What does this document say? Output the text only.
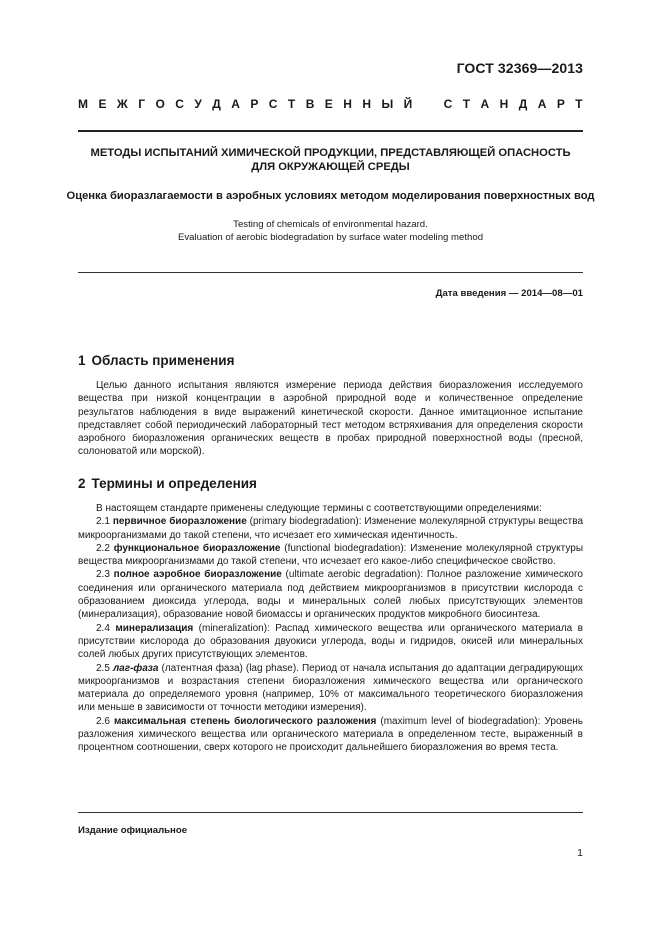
ГОСТ 32369—2013
М Е Ж Г О С У Д А Р С Т В Е Н Н Ы Й	С Т А Н Д А Р Т
МЕТОДЫ ИСПЫТАНИЙ ХИМИЧЕСКОЙ ПРОДУКЦИИ, ПРЕДСТАВЛЯЮЩЕЙ ОПАСНОСТЬ
ДЛЯ ОКРУЖАЮЩЕЙ СРЕДЫ
Оценка биоразлагаемости в аэробных условиях методом моделирования поверхностных вод
Testing of chemicals of environmental hazard.
Evaluation of aerobic biodegradation by surface water modeling method
Дата введения — 2014—08—01
1 Область применения

Целью данного испытания являются измерение периода действия биоразложения исследуемого вещества при низкой концентрации в аэробной природной воде и количественное определение результатов наблюдения в виде выражений кинетической скорости. Данное имитационное испытание представляет собой периодический лабораторный тест методом встряхивания для определения скорости аэробного биоразложения органических веществ в пробах природной поверхностной воды (пресной, солоноватой или морской).

2 Термины и определения

В настоящем стандарте применены следующие термины с соответствующими определениями:

2.1 первичное биоразложение (primary biodegradation): Изменение молекулярной структуры вещества микроорганизмами до такой степени, что исчезает его химическая идентичность.

2.2 функциональное биоразложение (functional biodegradation): Изменение молекулярной структуры вещества микроорганизмами до такой степени, что исчезает его какое-либо специфическое свойство.

2.3 полное аэробное биоразложение (ultimate aerobic degradation): Полное разложение химического соединения или органического материала под действием микроорганизмов в присутствии кислорода с образованием диоксида углерода, воды и минеральных солей любых присутствующих элементов (минерализация), образование новой биомассы и органических продуктов микробного биосинтеза.

2.4 минерализация (mineralization): Распад химического вещества или органического материала в присутствии кислорода до образования двуокиси углерода, воды и гидридов, окисей или минеральных солей любых других присутствующих элементов.

2.5 лаг-фаза (латентная фаза) (lag phase). Период от начала испытания до адаптации деградирующих микроорганизмов и возрастания степени биоразложения химического вещества или органического материала до определяемого уровня (например, 10% от максимального теоретического биоразложения или меньше в зависимости от точности методики измерения).

2.6 максимальная степень биологического разложения (maximum level of biodegradation): Уровень разложения химического вещества или органического материала в определенном тесте, выраженный в процентном соотношении, сверх которого не происходит дальнейшего биоразложения во время теста.

Издание официальное
1
